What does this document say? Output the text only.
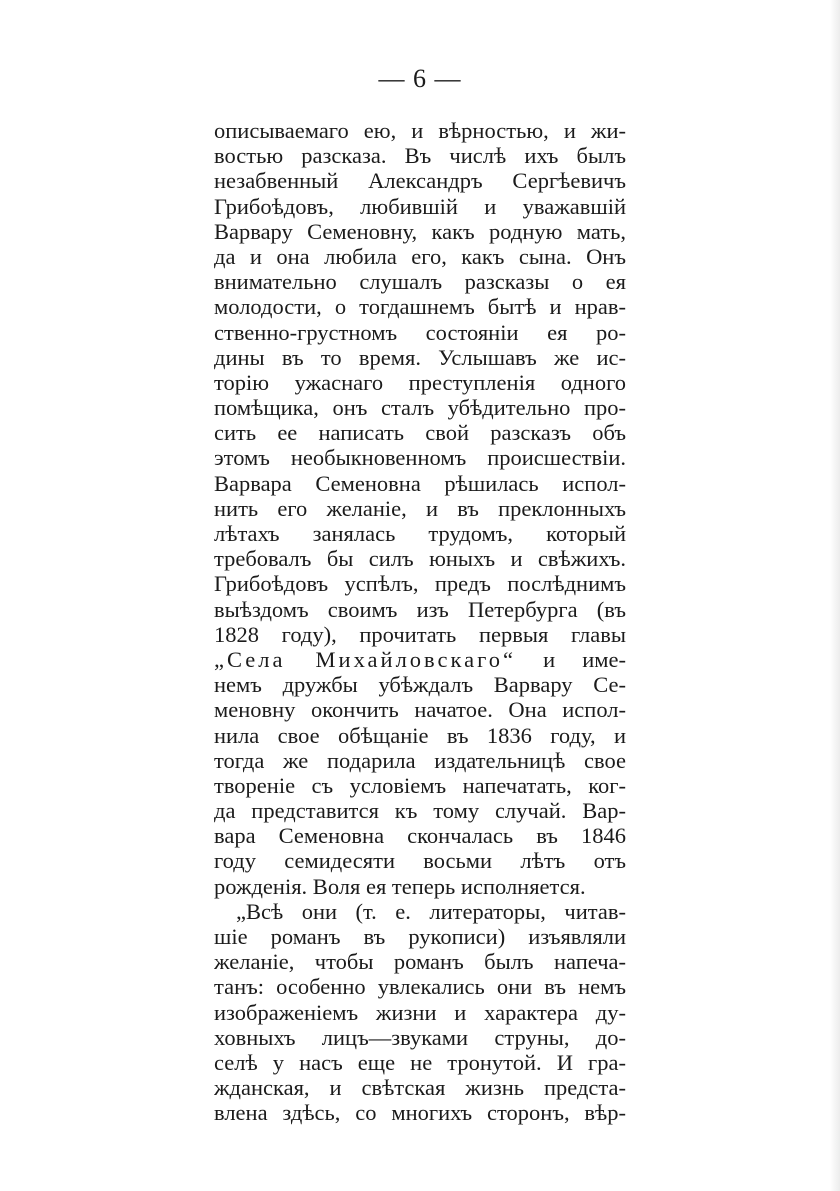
— 6 —
описываемаго ею, и вѣрностью, и жи-
востью разсказа. Въ числѣ ихъ былъ
незабвенный Александръ Сергѣевичъ
Грибоѣдовъ, любившій и уважавшій
Варвару Семеновну, какъ родную мать,
да и она любила его, какъ сына. Онъ
внимательно слушалъ разсказы о ея
молодости, о тогдашнемъ бытѣ и нрав-
ственно-грустномъ состояніи ея ро-
дины въ то время. Услышавъ же ис-
торію ужаснаго преступленія одного
помѣщика, онъ сталъ убѣдительно про-
сить ее написать свой разсказъ объ
этомъ необыкновенномъ происшествіи.
Варвара Семеновна рѣшилась испол-
нить его желаніе, и въ преклонныхъ
лѣтахъ занялась трудомъ, который
требовалъ бы силъ юныхъ и свѣжихъ.
Грибоѣдовъ успѣлъ, предъ послѣднимъ
выѣздомъ своимъ изъ Петербурга (въ
1828 году), прочитать первыя главы
„Села Михайловскаго“ и име-
немъ дружбы убѣждалъ Варвару Се-
меновну окончить начатое. Она испол-
нила свое обѣщаніе въ 1836 году, и
тогда же подарила издательницѣ свое
твореніе съ условіемъ напечатать, ког-
да представится къ тому случай. Вар-
вара Семеновна скончалась въ 1846
году семидесяти восьми лѣтъ отъ
рожденія. Воля ея теперь исполняется.
„Всѣ они (т. е. литераторы, читав-
шіе романъ въ рукописи) изъявляли
желаніе, чтобы романъ былъ напеча-
танъ: особенно увлекались они въ немъ
изображеніемъ жизни и характера ду-
ховныхъ лицъ—звуками струны, до-
селѣ у насъ еще не тронутой. И гра-
жданская, и свѣтская жизнь предста-
влена здѣсь, со многихъ сторонъ, вѣр-
